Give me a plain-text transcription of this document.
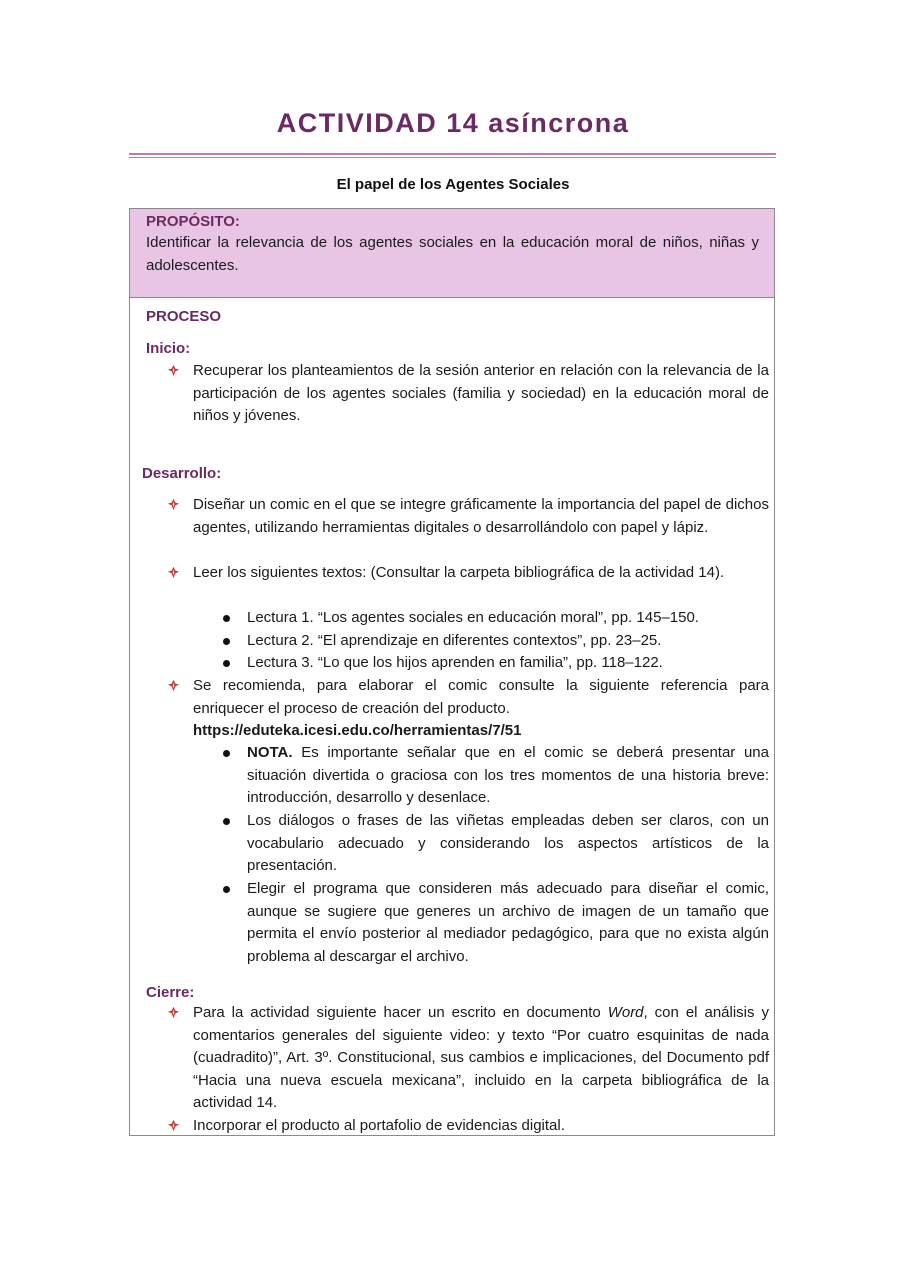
ACTIVIDAD 14 asíncrona
El papel de los Agentes Sociales
PROPÓSITO:
Identificar la relevancia de los agentes sociales en la educación moral de niños, niñas y adolescentes.
PROCESO
Inicio:
Recuperar los planteamientos de la sesión anterior en relación con la relevancia de la participación de los agentes sociales (familia y sociedad) en la educación moral de niños y jóvenes.
Desarrollo:
Diseñar un comic en el que se integre gráficamente la importancia del papel de dichos agentes, utilizando herramientas digitales o desarrollándolo con papel y lápiz.
Leer los siguientes textos: (Consultar la carpeta bibliográfica de la actividad 14).
Lectura 1. “Los agentes sociales en educación moral”, pp. 145–150.
Lectura 2. “El aprendizaje en diferentes contextos”, pp. 23–25.
Lectura 3. “Lo que los hijos aprenden en familia”, pp. 118–122.
Se recomienda, para elaborar el comic consulte la siguiente referencia para enriquecer el proceso de creación del producto.
https://eduteka.icesi.edu.co/herramientas/7/51
NOTA. Es importante señalar que en el comic se deberá presentar una situación divertida o graciosa con los tres momentos de una historia breve: introducción, desarrollo y desenlace.
Los diálogos o frases de las viñetas empleadas deben ser claros, con un vocabulario adecuado y considerando los aspectos artísticos de la presentación.
Elegir el programa que consideren más adecuado para diseñar el comic, aunque se sugiere que generes un archivo de imagen de un tamaño que permita el envío posterior al mediador pedagógico, para que no exista algún problema al descargar el archivo.
Cierre:
Para la actividad siguiente hacer un escrito en documento Word, con el análisis y comentarios generales del siguiente video: y texto “Por cuatro esquinitas de nada (cuadradito)”, Art. 3º. Constitucional, sus cambios e implicaciones, del Documento pdf “Hacia una nueva escuela mexicana”, incluido en la carpeta bibliográfica de la actividad 14.
Incorporar el producto al portafolio de evidencias digital.
